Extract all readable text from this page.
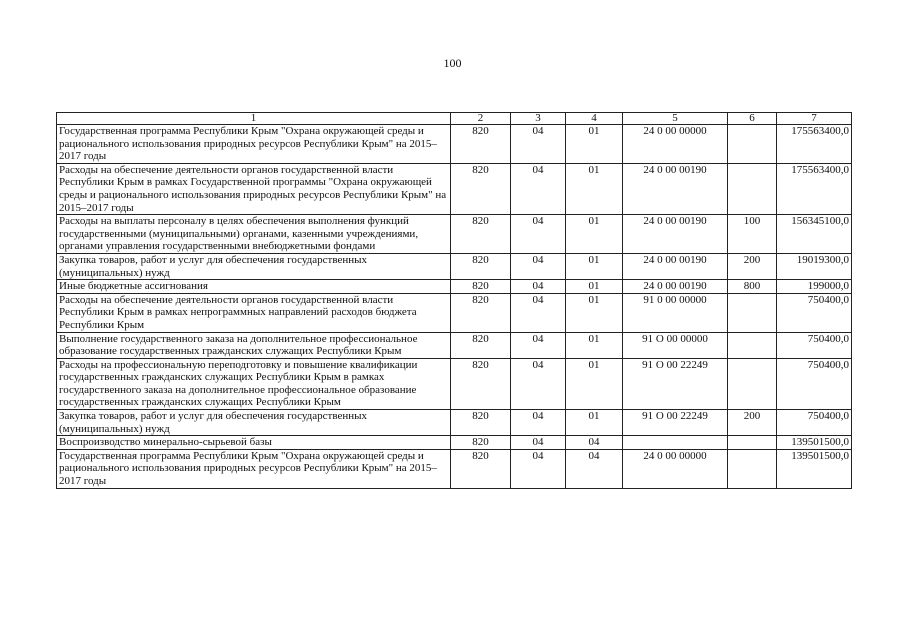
100
1	2	3	4	5	6	7
Государственная программа Республики Крым "Охрана окружающей среды и рационального использования природных ресурсов Республики Крым" на 2015–2017 годы	820	04	01	24 0 00 00000		175563400,0
Расходы на обеспечение деятельности органов государственной власти Республики Крым в рамках Государственной программы "Охрана окружающей среды и рационального использования природных ресурсов Республики Крым" на 2015–2017 годы	820	04	01	24 0 00 00190		175563400,0
Расходы на выплаты персоналу в целях обеспечения выполнения функций государственными (муниципальными) органами, казенными учреждениями, органами управления государственными внебюджетными фондами	820	04	01	24 0 00 00190	100	156345100,0
Закупка товаров, работ и услуг для обеспечения государственных (муниципальных) нужд	820	04	01	24 0 00 00190	200	19019300,0
Иные бюджетные ассигнования	820	04	01	24 0 00 00190	800	199000,0
Расходы на обеспечение деятельности органов государственной власти Республики Крым в рамках непрограммных направлений расходов бюджета Республики Крым	820	04	01	91 0 00 00000		750400,0
Выполнение государственного заказа на дополнительное профессиональное образование государственных гражданских служащих Республики Крым	820	04	01	91 О 00 00000		750400,0
Расходы на профессиональную переподготовку и повышение квалификации государственных гражданских служащих Республики Крым в рамках государственного заказа на дополнительное профессиональное образование государственных гражданских служащих Республики Крым	820	04	01	91 О 00 22249		750400,0
Закупка товаров, работ и услуг для обеспечения государственных (муниципальных) нужд	820	04	01	91 О 00 22249	200	750400,0
Воспроизводство минерально-сырьевой базы	820	04	04			139501500,0
Государственная программа Республики Крым "Охрана окружающей среды и рационального использования природных ресурсов Республики Крым" на 2015–2017 годы	820	04	04	24 0 00 00000		139501500,0
